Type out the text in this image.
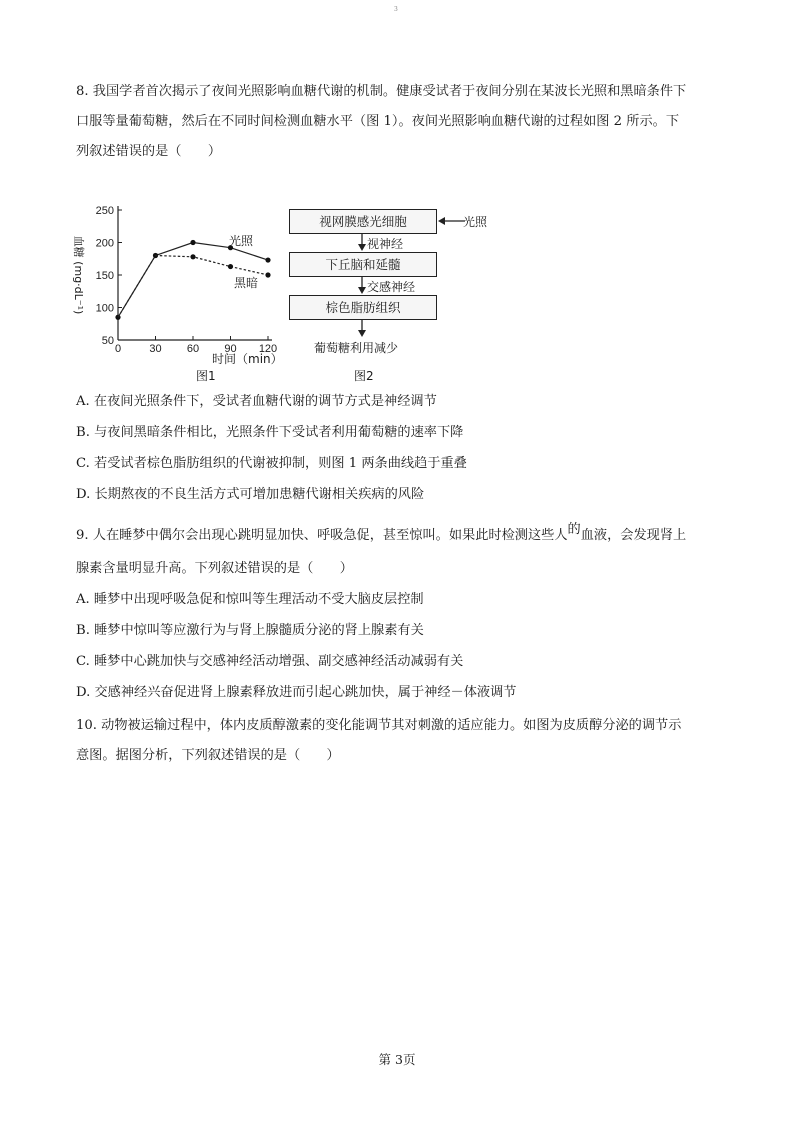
3
8. 我国学者首次揭示了夜间光照影响血糖代谢的机制。健康受试者于夜间分别在某波长光照和黑暗条件下
口服等量葡萄糖，然后在不同时间检测血糖水平（图 1）。夜间光照影响血糖代谢的过程如图 2 所示。下
列叙述错误的是（　　）
50
100
150
200
250
0	30 60 90 120
血糖 (mg·dL⁻¹)
时间（min）
光照
黑暗
图1
视网膜感光细胞	光照
视神经
下丘脑和延髓
交感神经
棕色脂肪组织
葡萄糖利用减少
图2
A. 在夜间光照条件下，受试者血糖代谢的调节方式是神经调节
B. 与夜间黑暗条件相比，光照条件下受试者利用葡萄糖的速率下降
C. 若受试者棕色脂肪组织的代谢被抑制，则图 1 两条曲线趋于重叠
D. 长期熬夜的不良生活方式可增加患糖代谢相关疾病的风险
9. 人在睡梦中偶尔会出现心跳明显加快、呼吸急促，甚至惊叫。如果此时检测这些人的血液，会发现肾上
腺素含量明显升高。下列叙述错误的是（　　）
A. 睡梦中出现呼吸急促和惊叫等生理活动不受大脑皮层控制
B. 睡梦中惊叫等应激行为与肾上腺髓质分泌的肾上腺素有关
C. 睡梦中心跳加快与交感神经活动增强、副交感神经活动减弱有关
D. 交感神经兴奋促进肾上腺素释放进而引起心跳加快，属于神经－体液调节
10. 动物被运输过程中，体内皮质醇激素的变化能调节其对刺激的适应能力。如图为皮质醇分泌的调节示
意图。据图分析，下列叙述错误的是（　　）
第 3页
